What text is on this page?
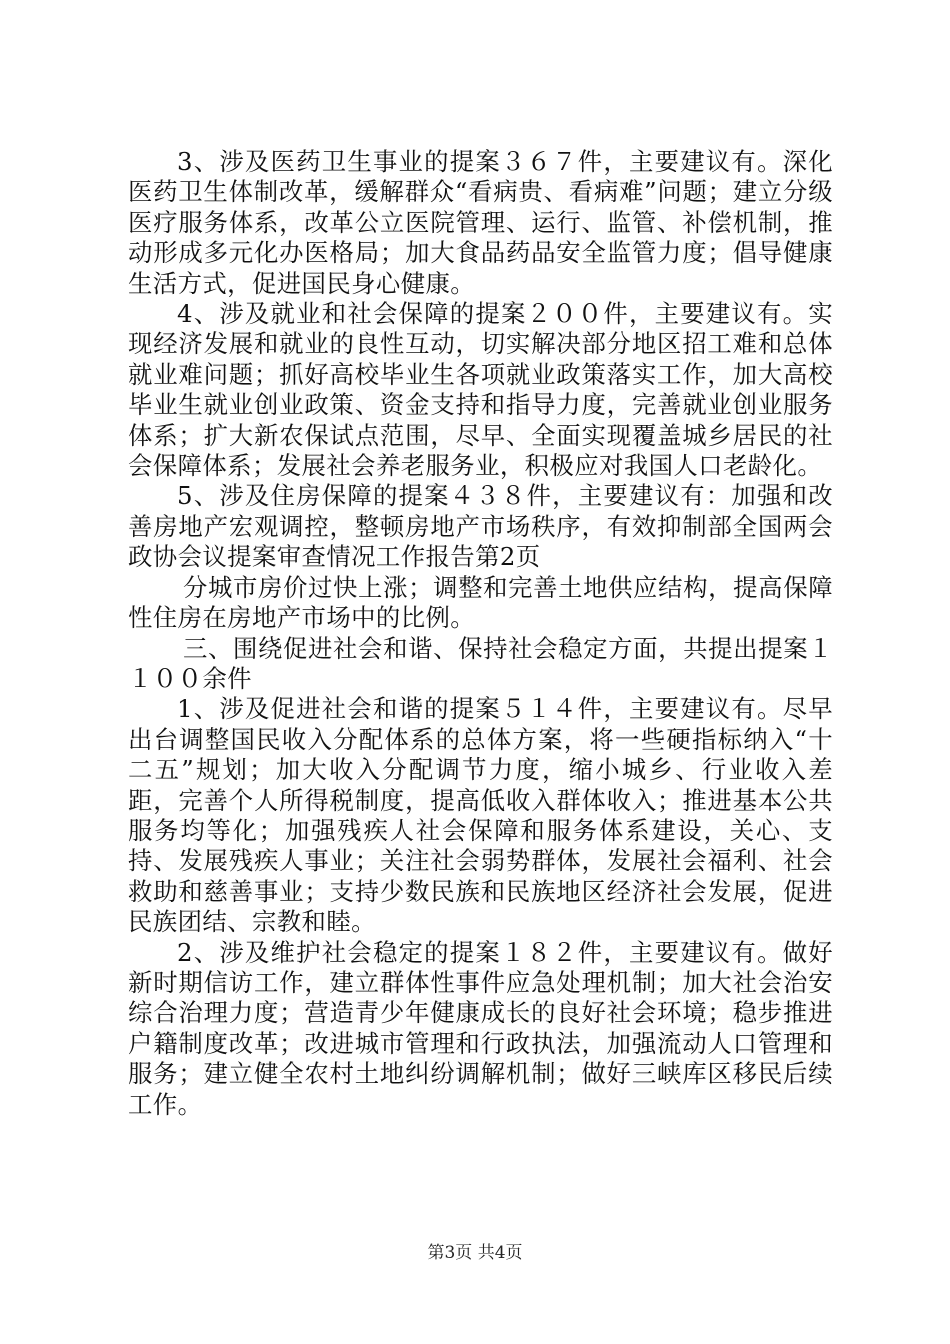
3、涉及医药卫生事业的提案３６７件，主要建议有。深化医药卫生体制改革，缓解群众“看病贵、看病难”问题；建立分级医疗服务体系，改革公立医院管理、运行、监管、补偿机制，推动形成多元化办医格局；加大食品药品安全监管力度；倡导健康生活方式，促进国民身心健康。

4、涉及就业和社会保障的提案２００件，主要建议有。实现经济发展和就业的良性互动，切实解决部分地区招工难和总体就业难问题；抓好高校毕业生各项就业政策落实工作，加大高校毕业生就业创业政策、资金支持和指导力度，完善就业创业服务体系；扩大新农保试点范围，尽早、全面实现覆盖城乡居民的社会保障体系；发展社会养老服务业，积极应对我国人口老龄化。

5、涉及住房保障的提案４３８件，主要建议有：加强和改善房地产宏观调控，整顿房地产市场秩序，有效抑制部全国两会政协会议提案审查情况工作报告第2页

分城市房价过快上涨；调整和完善土地供应结构，提高保障性住房在房地产市场中的比例。

三、围绕促进社会和谐、保持社会稳定方面，共提出提案１１００余件

1、涉及促进社会和谐的提案５１４件，主要建议有。尽早出台调整国民收入分配体系的总体方案，将一些硬指标纳入“十二五”规划；加大收入分配调节力度，缩小城乡、行业收入差距，完善个人所得税制度，提高低收入群体收入；推进基本公共服务均等化；加强残疾人社会保障和服务体系建设，关心、支持、发展残疾人事业；关注社会弱势群体，发展社会福利、社会救助和慈善事业；支持少数民族和民族地区经济社会发展，促进民族团结、宗教和睦。

2、涉及维护社会稳定的提案１８２件，主要建议有。做好新时期信访工作，建立群体性事件应急处理机制；加大社会治安综合治理力度；营造青少年健康成长的良好社会环境；稳步推进户籍制度改革；改进城市管理和行政执法，加强流动人口管理和服务；建立健全农村土地纠纷调解机制；做好三峡库区移民后续工作。

第3页 共4页
